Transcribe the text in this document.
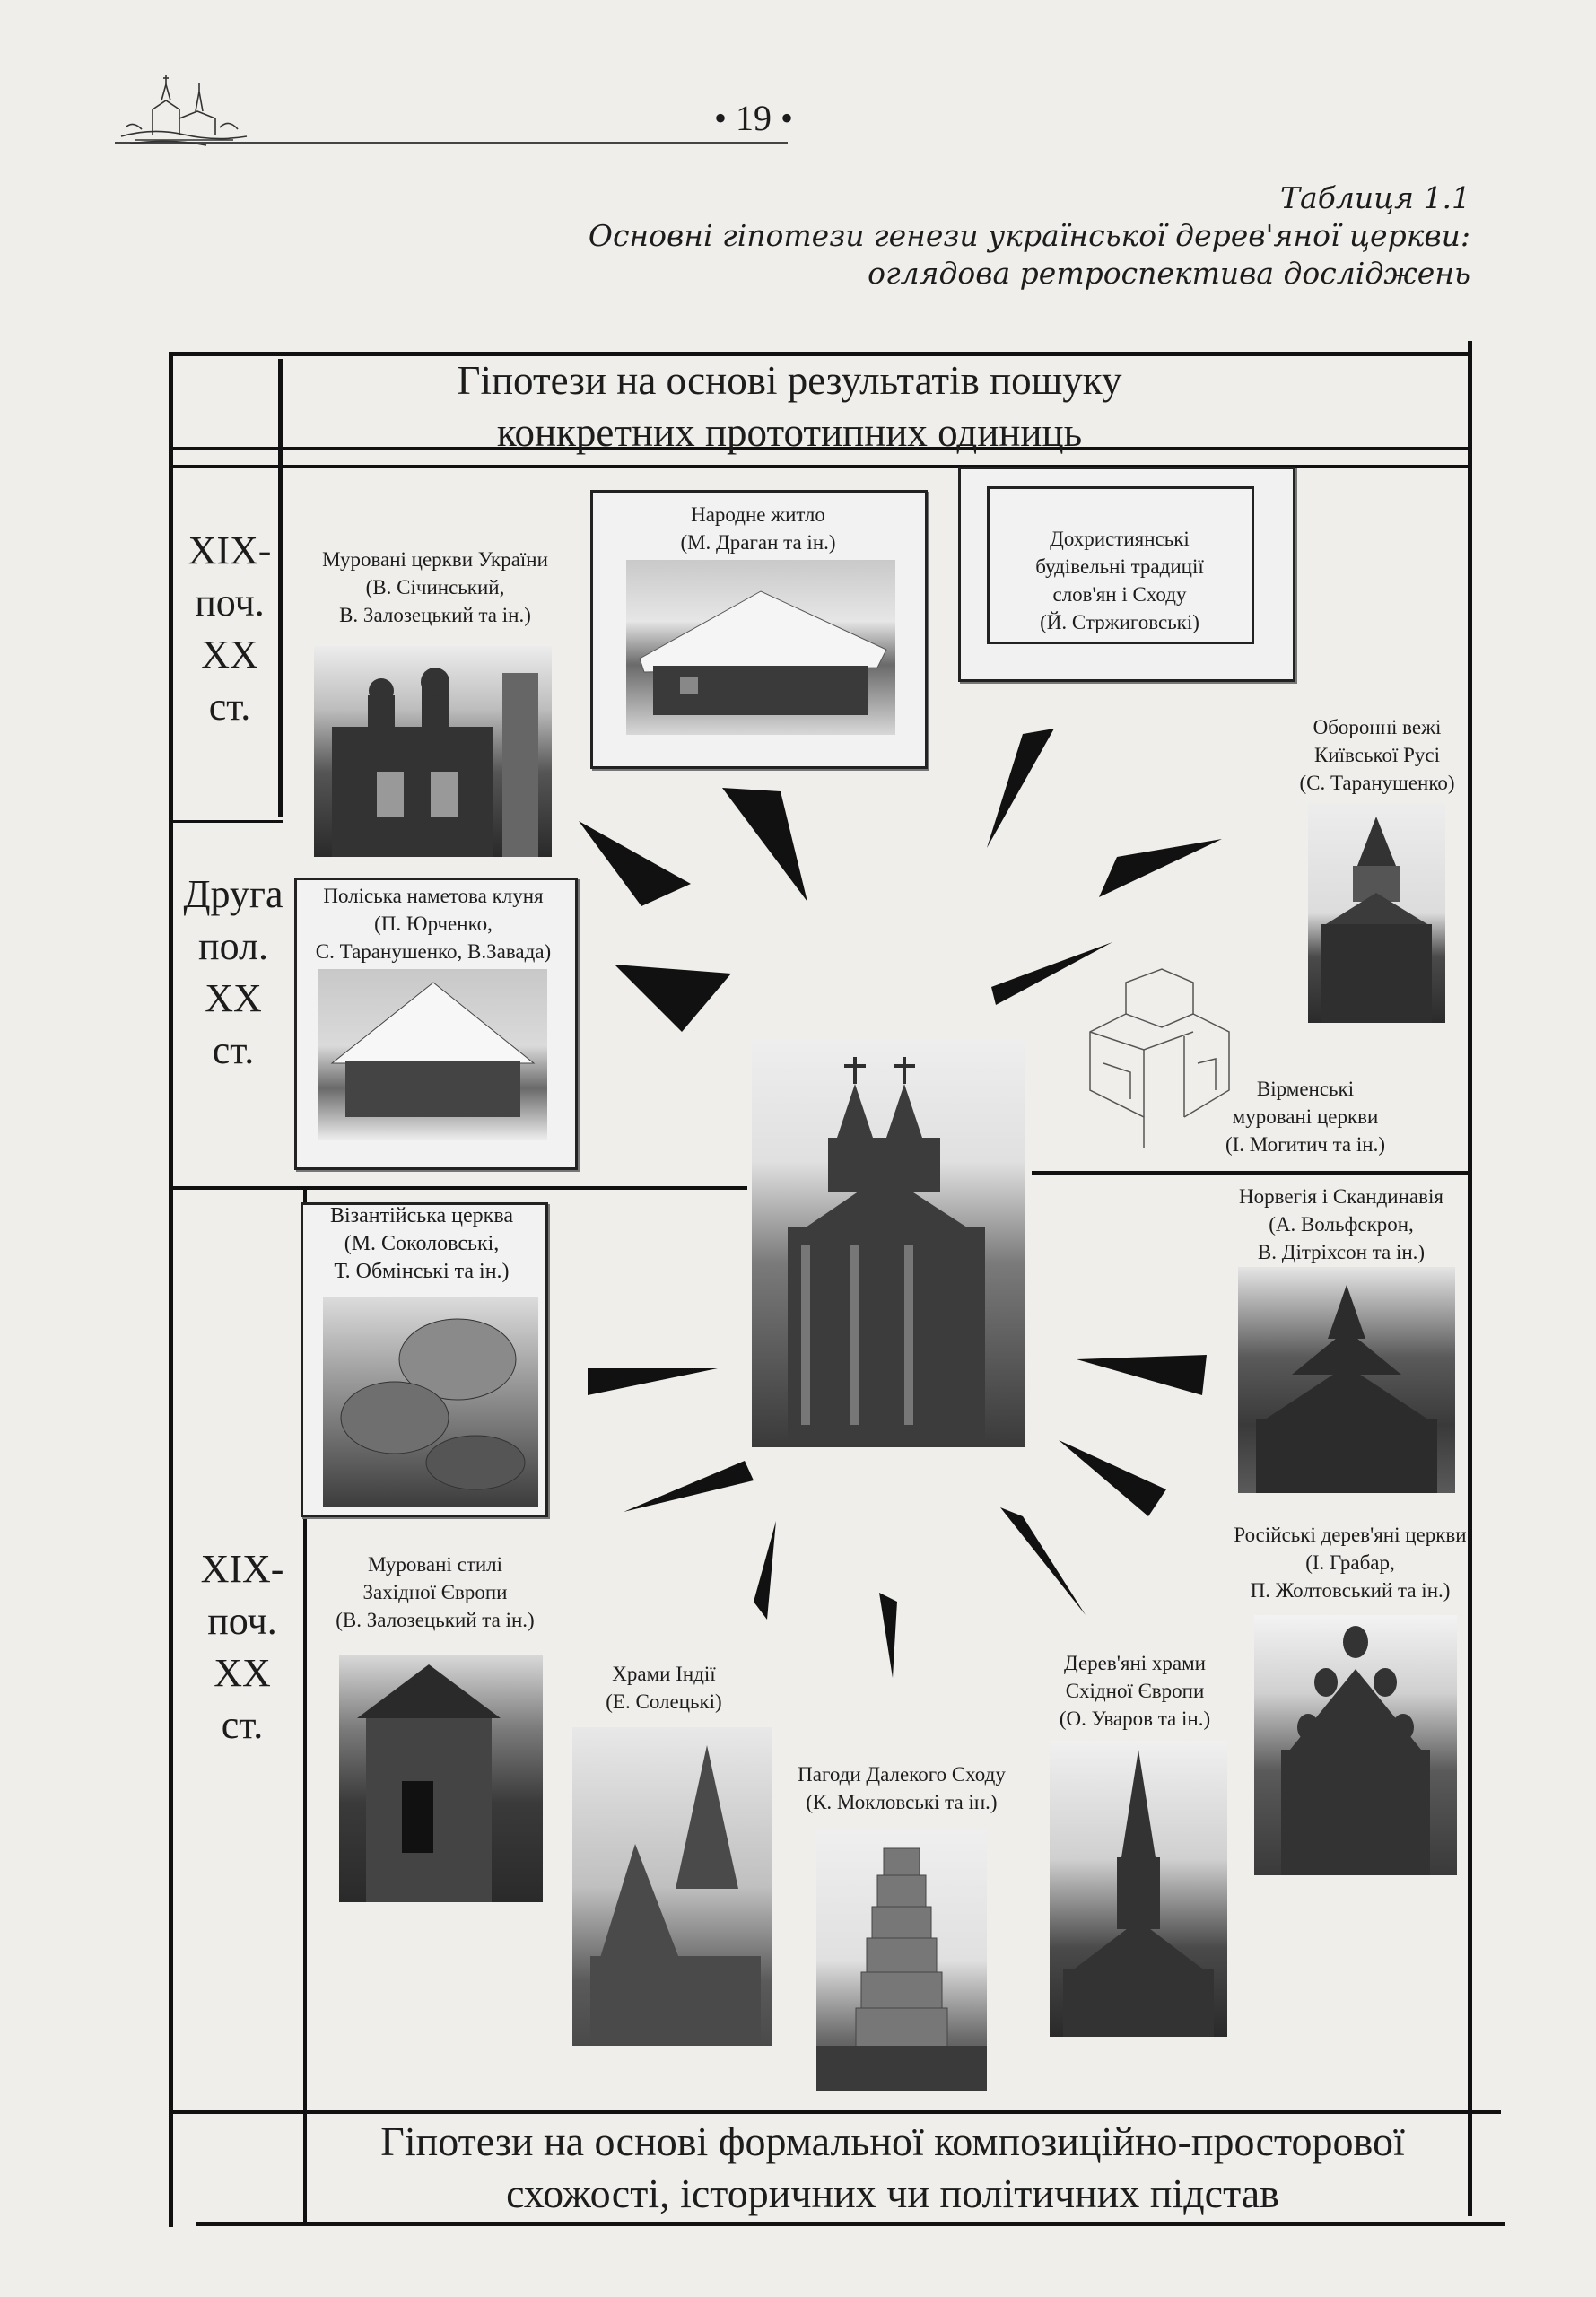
• 19 •
Таблиця 1.1
Основні гіпотези генези української дерев'яної церкви:
оглядова ретроспектива досліджень
Гіпотези на основі результатів пошуку
конкретних прототипних одиниць
Гіпотези на основі формальної композиційно-просторової
схожості, історичних чи політичних підстав
XIX-
поч.
XX
ст.
Друга
пол.
XX
ст.
XIX-
поч.
XX
ст.
Муровані церкви України
(В. Січинський,
В. Залозецький та ін.)
Народне житло
(М. Драган та ін.)	Дохристиянські
будівельні традиції
слов'ян і Сходу
(Й. Стржиговські)
Оборонні вежі
Київської Русі
(С. Таранушенко)
Поліська наметова клуня
(П. Юрченко,
С. Таранушенко, В.Завада)
Вірменські
муровані церкви
(І. Могитич та ін.)
Візантійська церква
(М. Соколовські,
Т. Обмінські та ін.)
Норвегія і Скандинавія
(А. Вольфскрон,
В. Дітріхсон та ін.)
Російські дерев'яні церкви
(І. Грабар,
П. Жолтовський та ін.)
Муровані стилі
Західної Європи
(В. Залозецький та ін.)
Храми Індії
(Е. Солецькі)
Пагоди Далекого Сходу
(К. Мокловські та ін.)
Дерев'яні храми
Східної Європи
(О. Уваров та ін.)
